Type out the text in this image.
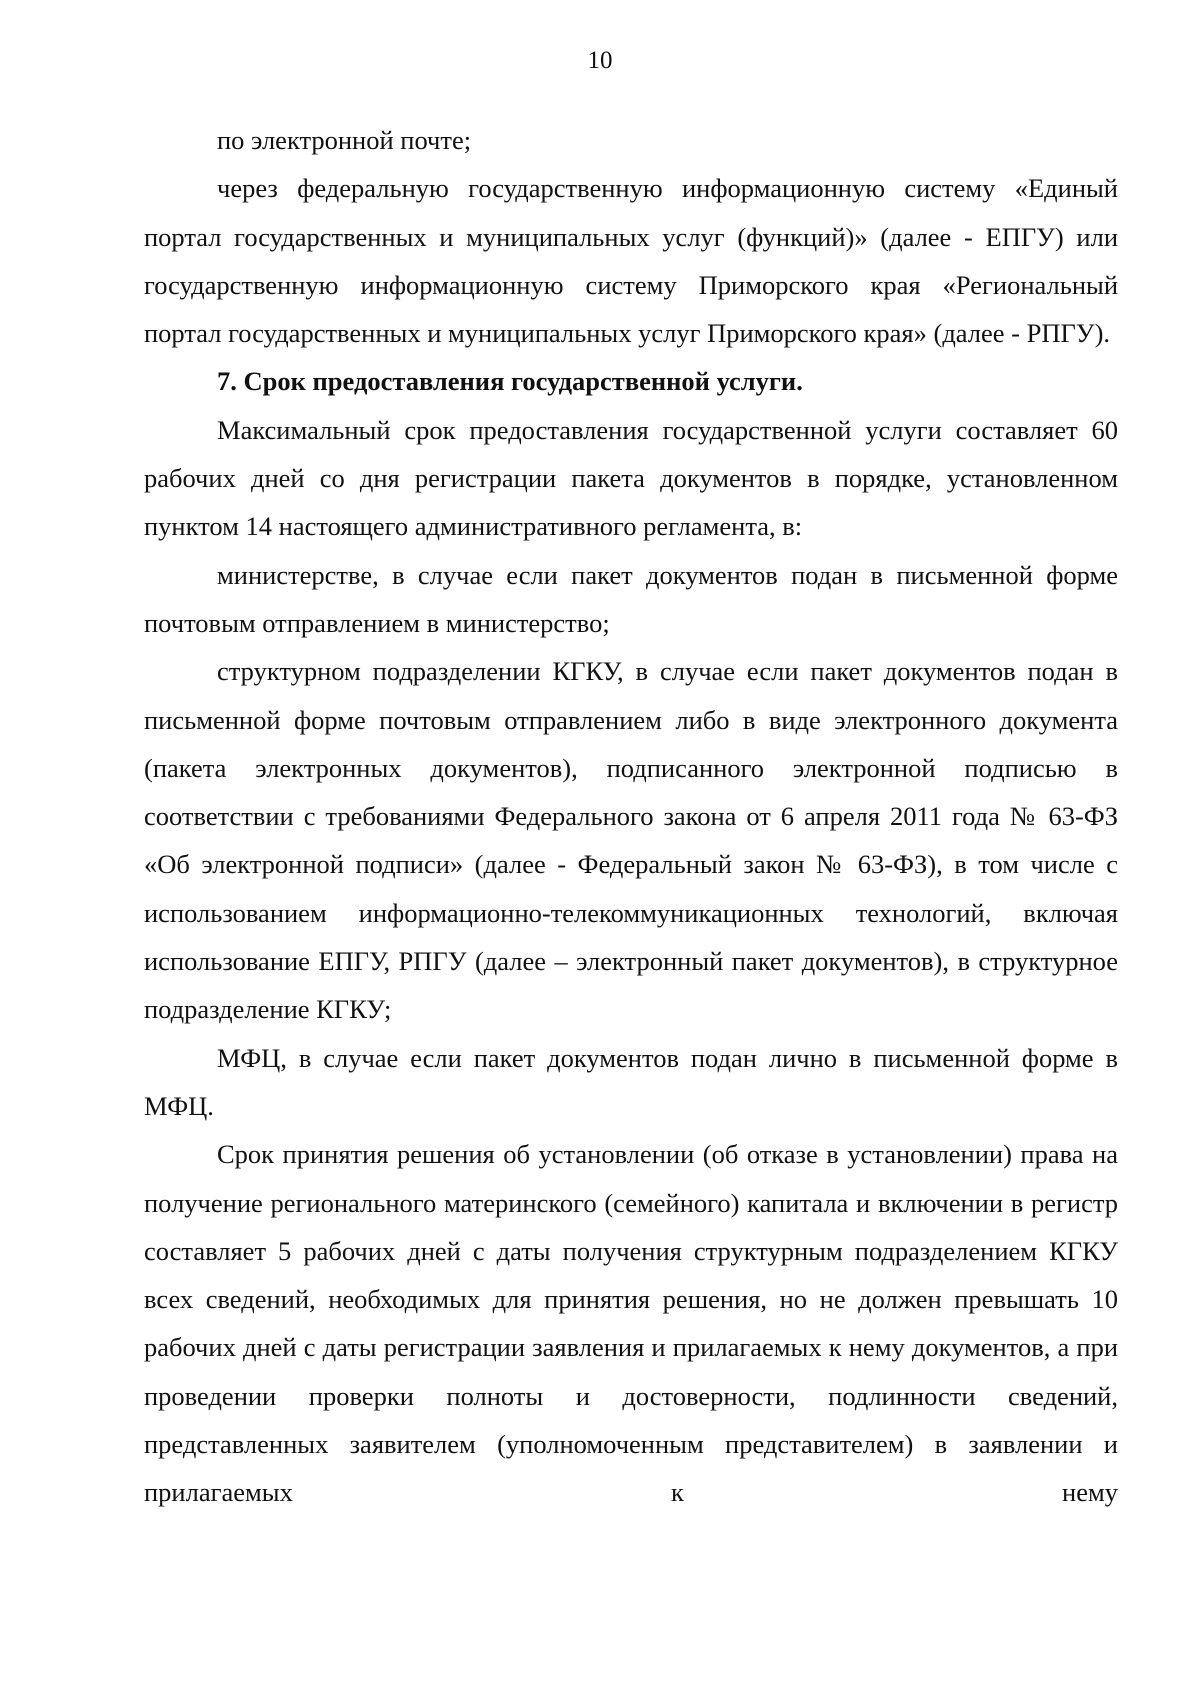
10

по электронной почте;

через федеральную государственную информационную систему «Единый портал государственных и муниципальных услуг (функций)» (далее - ЕПГУ) или государственную информационную систему Приморского края «Региональный портал государственных и муниципальных услуг Приморского края» (далее - РПГУ).

7. Срок предоставления государственной услуги.

Максимальный срок предоставления государственной услуги составляет 60 рабочих дней со дня регистрации пакета документов в порядке, установленном пунктом 14 настоящего административного регламента, в:

министерстве, в случае если пакет документов подан в письменной форме почтовым отправлением в министерство;

структурном подразделении КГКУ, в случае если пакет документов подан в письменной форме почтовым отправлением либо в виде электронного документа (пакета электронных документов), подписанного электронной подписью в соответствии с требованиями Федерального закона от 6 апреля 2011 года № 63-ФЗ «Об электронной подписи» (далее - Федеральный закон № 63-ФЗ), в том числе с использованием информационно-телекоммуникационных технологий, включая использование ЕПГУ, РПГУ (далее – электронный пакет документов), в структурное подразделение КГКУ;

МФЦ, в случае если пакет документов подан лично в письменной форме в МФЦ.

Срок принятия решения об установлении (об отказе в установлении) права на получение регионального материнского (семейного) капитала и включении в регистр составляет 5 рабочих дней с даты получения структурным подразделением КГКУ всех сведений, необходимых для принятия решения, но не должен превышать 10 рабочих дней с даты регистрации заявления и прилагаемых к нему документов, а при проведении проверки полноты и достоверности, подлинности сведений, представленных заявителем (уполномоченным представителем) в заявлении и прилагаемых к нему
